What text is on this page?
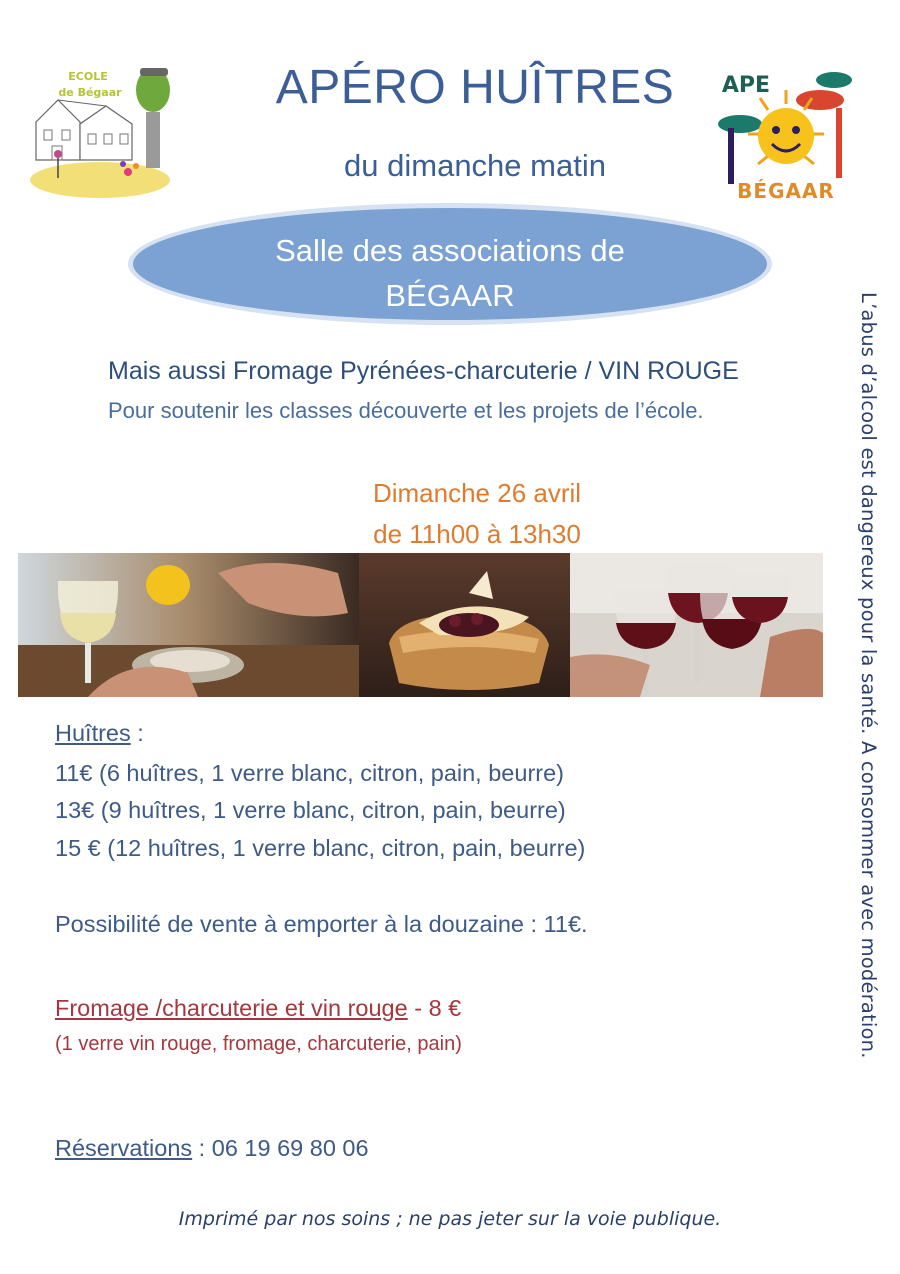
ECOLE
de Bégaar	APE
BÉGAAR
APÉRO HUÎTRES
du dimanche matin
Salle des associations de
BÉGAAR
Mais aussi Fromage Pyrénées-charcuterie / VIN ROUGE
Pour soutenir les classes découverte et les projets de l’école.
Dimanche 26 avril
de 11h00 à 13h30
Huîtres :
11€ (6 huîtres, 1 verre blanc, citron, pain, beurre)
13€ (9 huîtres, 1 verre blanc, citron, pain, beurre)
15 € (12 huîtres, 1 verre blanc, citron, pain, beurre)
Possibilité de vente à emporter à la douzaine : 11€.
Fromage /charcuterie et vin rouge - 8 €
(1 verre vin rouge, fromage, charcuterie, pain)
Réservations : 06 19 69 80 06
L’abus d’alcool est dangereux pour la santé. A consommer avec modération.
Imprimé par nos soins ; ne pas jeter sur la voie publique.
